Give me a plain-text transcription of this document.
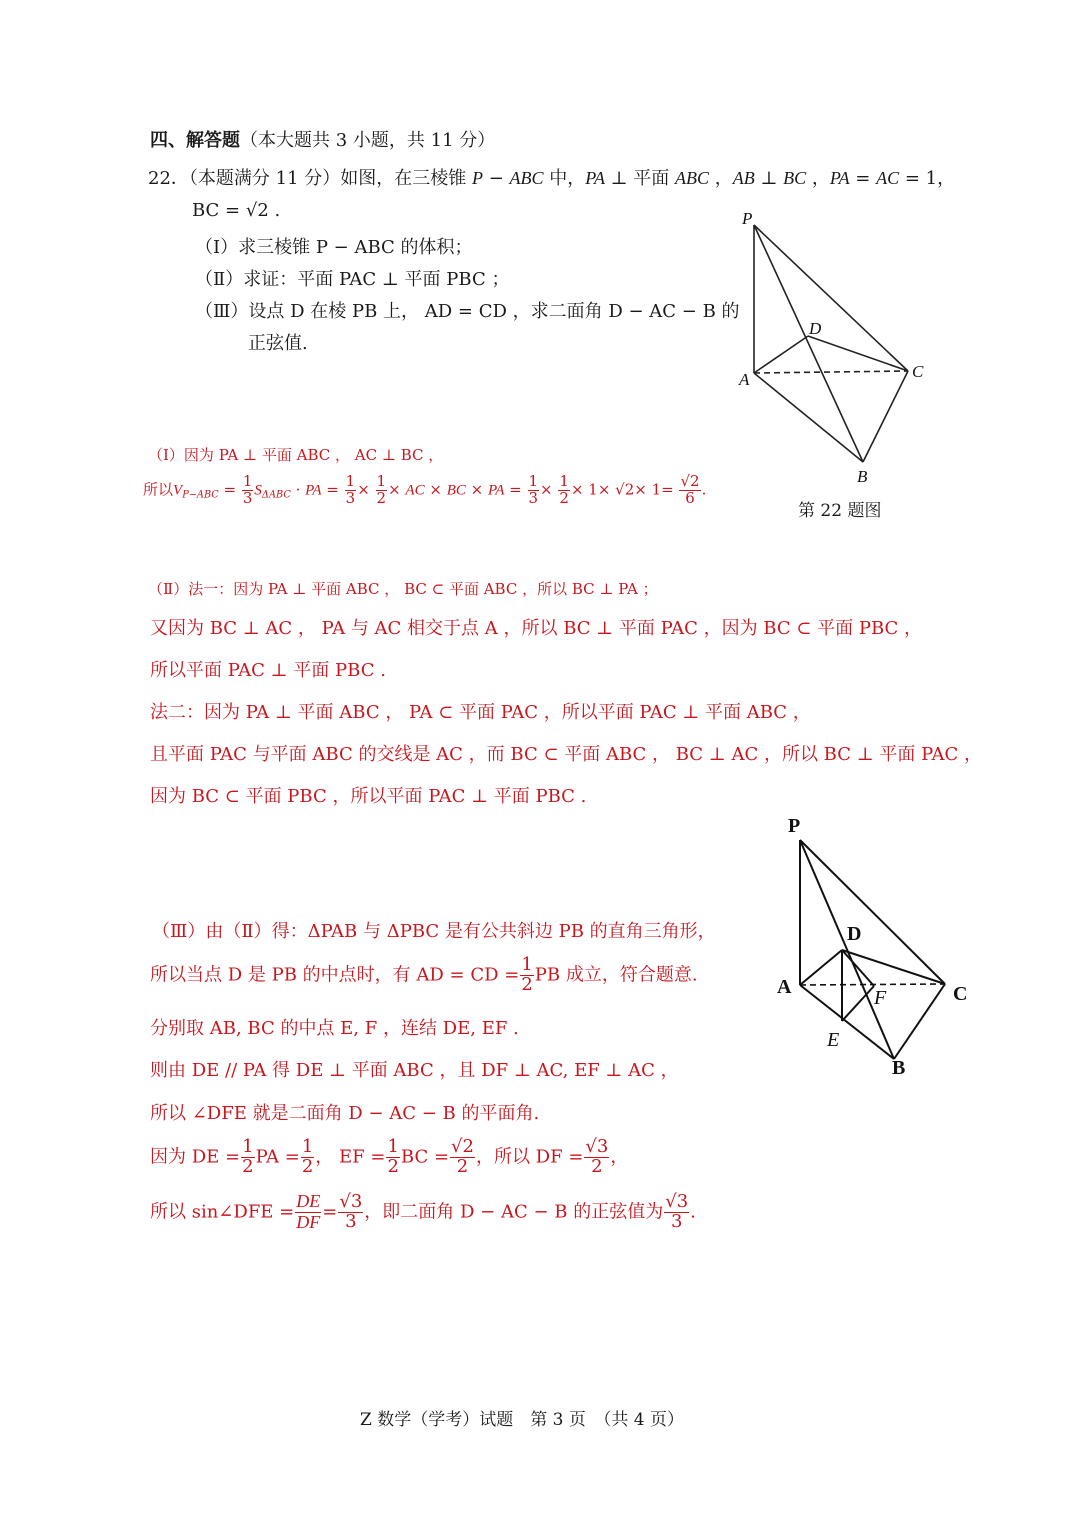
四、解答题（本大题共 3 小题，共 11 分）
22．（本题满分 11 分）如图，在三棱锥 P − ABC 中，PA ⊥ 平面 ABC ，AB ⊥ BC ，PA = AC = 1，
BC = √2 .
（Ⅰ）求三棱锥 P − ABC 的体积；
（Ⅱ）求证：平面 PAC ⊥ 平面 PBC ；
（Ⅲ）设点 D 在棱 PB 上， AD = CD ，求二面角 D − AC − B 的
正弦值.
P
D
A	C
B
第 22 题图
（Ⅰ）因为 PA ⊥ 平面 ABC ， AC ⊥ BC ，
所以$V_{P-ABC} = \frac{1}{3} S_{\Delta ABC}$ · PA = $\frac{1}{3} \times \frac{1}{2}$ × AC × BC × PA = $\frac{1}{3} \times \frac{1}{2} \times 1\times √2\times 1= \frac{√2}{6}$ .
（Ⅱ）法一：因为 PA ⊥ 平面 ABC ， BC ⊂ 平面 ABC ，所以 BC ⊥ PA ；
又因为 BC ⊥ AC ， PA 与 AC 相交于点 A ，所以 BC ⊥ 平面 PAC ，因为 BC ⊂ 平面 PBC ，
所以平面 PAC ⊥ 平面 PBC .
法二：因为 PA ⊥ 平面 ABC ， PA ⊂ 平面 PAC ，所以平面 PAC ⊥ 平面 ABC ，
且平面 PAC 与平面 ABC 的交线是 AC ，而 BC ⊂ 平面 ABC ， BC ⊥ AC ，所以 BC ⊥ 平面 PAC ，
因为 BC ⊂ 平面 PBC ，所以平面 PAC ⊥ 平面 PBC .
P
D
A	F	C
E
B
（Ⅲ）由（Ⅱ）得：ΔPAB 与 ΔPBC 是有公共斜边 PB 的直角三角形，
所以当点 D 是 PB 的中点时，有 AD = CD = $\frac{1}{2}$ PB 成立，符合题意.
分别取 AB, BC 的中点 E, F ，连结 DE, EF .
则由 DE // PA 得 DE ⊥ 平面 ABC ，且 DF ⊥ AC, EF ⊥ AC ，
所以 ∠DFE 就是二面角 D − AC − B 的平面角.
因为 DE = $\frac{1}{2}$ PA = $\frac{1}{2}$ ， EF = $\frac{1}{2}$ BC = $\frac{√2}{2}$ ，所以 DF = $\frac{√3}{2}$ ，
所以 sin∠DFE = $\frac{DE}{DF} = \frac{√3}{3}$ ，即二面角 D − AC − B 的正弦值为 $\frac{√3}{3}$ .
Z 数学（学考）试题　第 3 页　（共 4 页）
